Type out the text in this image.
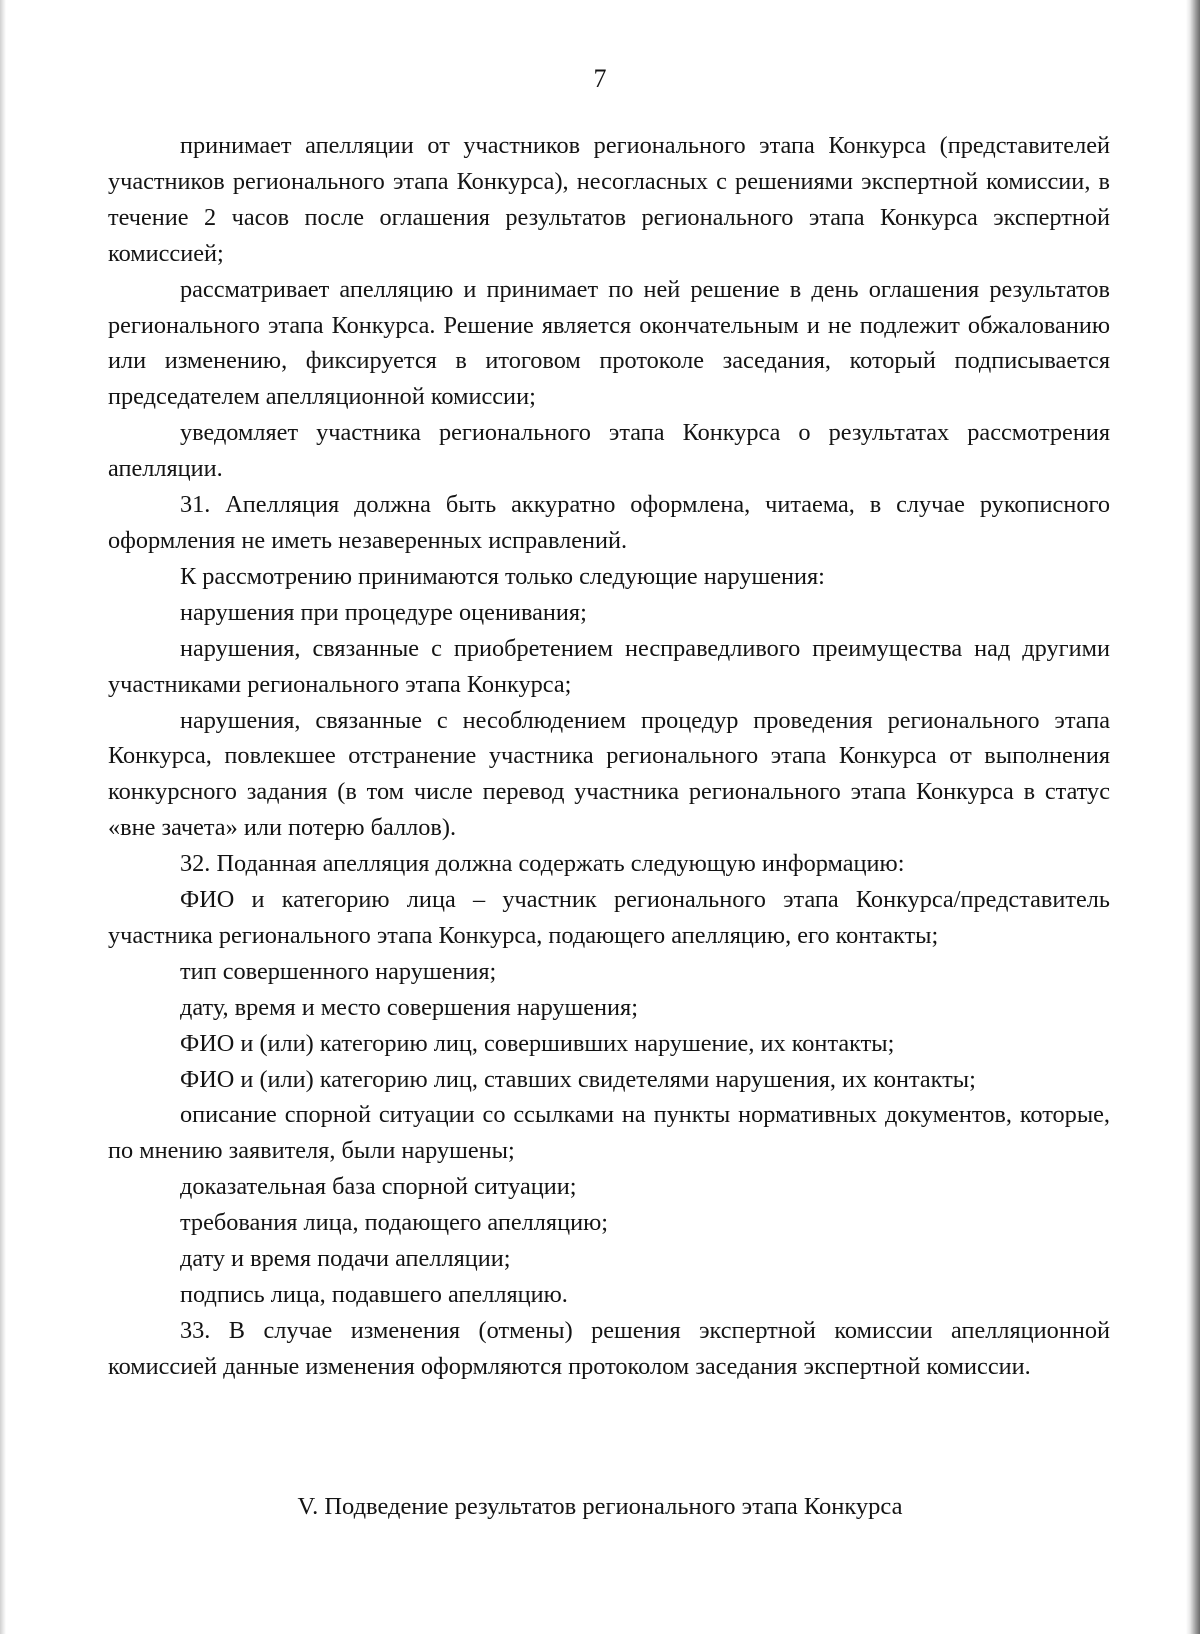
7

принимает апелляции от участников регионального этапа Конкурса (представителей участников регионального этапа Конкурса), несогласных с решениями экспертной комиссии, в течение 2 часов после оглашения результатов регионального этапа Конкурса экспертной комиссией;

рассматривает апелляцию и принимает по ней решение в день оглашения результатов регионального этапа Конкурса. Решение является окончательным и не подлежит обжалованию или изменению, фиксируется в итоговом протоколе заседания, который подписывается председателем апелляционной комиссии;

уведомляет участника регионального этапа Конкурса о результатах рассмотрения апелляции.

31. Апелляция должна быть аккуратно оформлена, читаема, в случае рукописного оформления не иметь незаверенных исправлений.

К рассмотрению принимаются только следующие нарушения:

нарушения при процедуре оценивания;

нарушения, связанные с приобретением несправедливого преимущества над другими участниками регионального этапа Конкурса;

нарушения, связанные с несоблюдением процедур проведения регионального этапа Конкурса, повлекшее отстранение участника регионального этапа Конкурса от выполнения конкурсного задания (в том числе перевод участника регионального этапа Конкурса в статус «вне зачета» или потерю баллов).

32. Поданная апелляция должна содержать следующую информацию:

ФИО и категорию лица – участник регионального этапа Конкурса/представитель участника регионального этапа Конкурса, подающего апелляцию, его контакты;

тип совершенного нарушения;

дату, время и место совершения нарушения;

ФИО и (или) категорию лиц, совершивших нарушение, их контакты;

ФИО и (или) категорию лиц, ставших свидетелями нарушения, их контакты;

описание спорной ситуации со ссылками на пункты нормативных документов, которые, по мнению заявителя, были нарушены;

доказательная база спорной ситуации;

требования лица, подающего апелляцию;

дату и время подачи апелляции;

подпись лица, подавшего апелляцию.

33. В случае изменения (отмены) решения экспертной комиссии апелляционной комиссией данные изменения оформляются протоколом заседания экспертной комиссии.

V. Подведение результатов регионального этапа Конкурса
